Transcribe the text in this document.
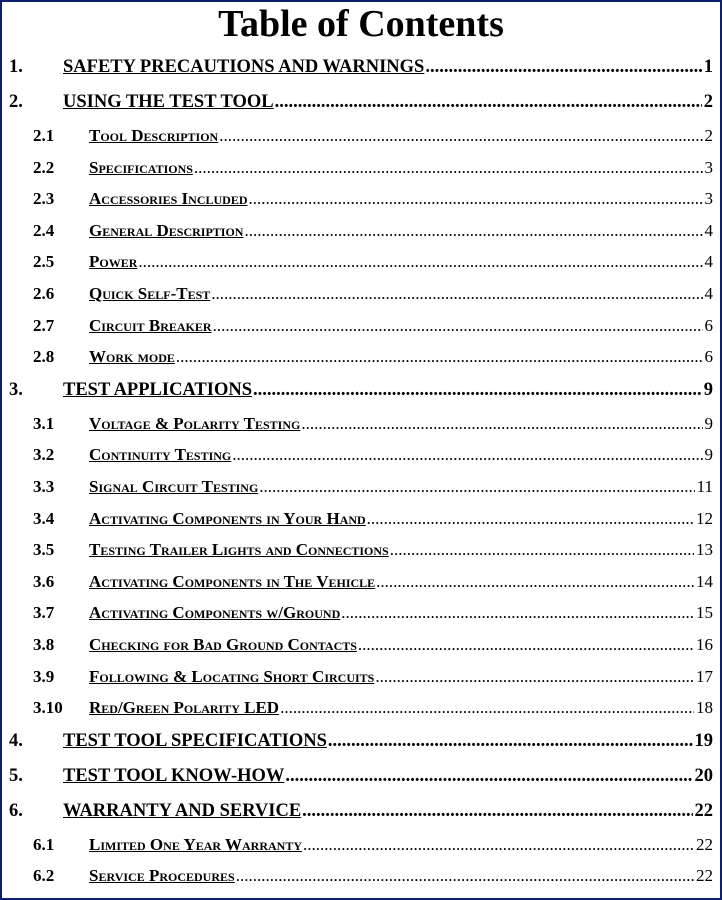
Table of Contents
1.	SAFETY PRECAUTIONS AND WARNINGS .....	1
2.	USING THE TEST TOOL .....	2
2.1	Tool Description .....	2
2.2	Specifications .....	3
2.3	Accessories Included .....	3
2.4	General Description .....	4
2.5	Power .....	4
2.6	Quick Self-Test .....	4
2.7	Circuit Breaker .....	6
2.8	Work mode .....	6
3.	TEST APPLICATIONS .....	9
3.1	Voltage & Polarity Testing .....	9
3.2	Continuity Testing .....	9
3.3	Signal Circuit Testing .....	11
3.4	Activating Components in Your Hand .....	12
3.5	Testing Trailer Lights and Connections .....	13
3.6	Activating Components in The Vehicle .....	14
3.7	Activating Components w/Ground .....	15
3.8	Checking for Bad Ground Contacts .....	16
3.9	Following & Locating Short Circuits .....	17
3.10	Red/Green Polarity LED .....	18
4.	TEST TOOL SPECIFICATIONS .....	19
5.	TEST TOOL KNOW-HOW .....	20
6.	WARRANTY AND SERVICE .....	22
6.1	Limited One Year Warranty .....	22
6.2	Service Procedures .....	22
